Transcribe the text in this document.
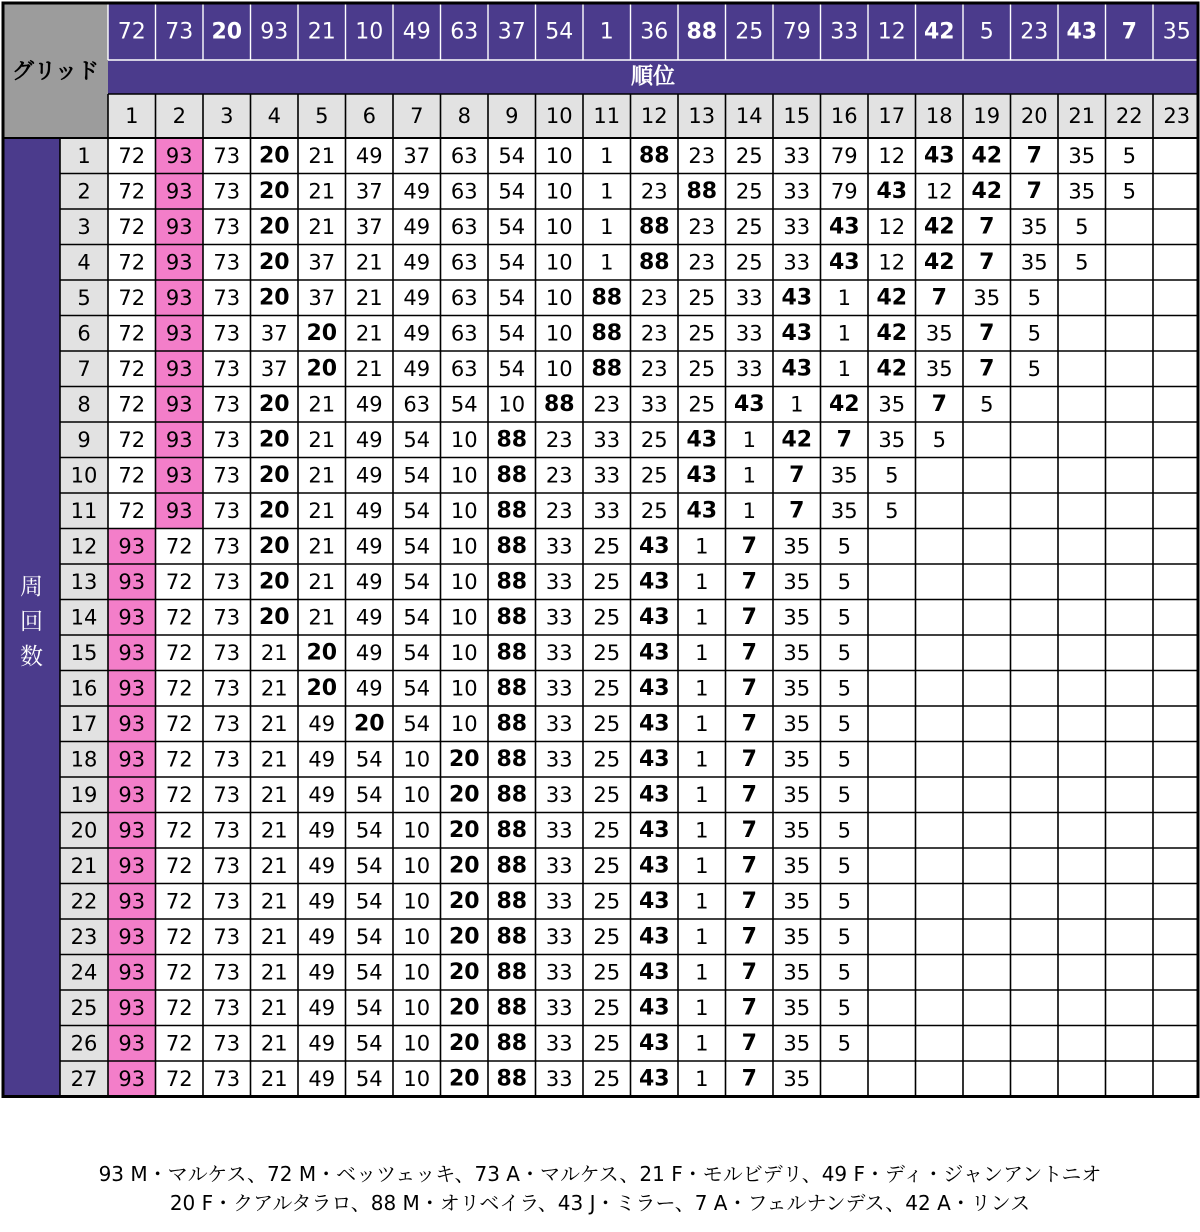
グリッド	順位
72 73 20 93 21 10 49 63 37 54 1 36 88 25 79 33 12 42 5 23 43 7 35
1 2 3 4 5 6 7 8 9 10 11 12 13 14 15 16 17 18 19 20 21 22 23
周
回
数
1
2
3
4
5
6
7
8
9
10
11
12
13
14
15
16
17
18
19
20
21
22
23
24
25
26
27
72 93 73 20 21 49 37 63 54 10 1 88 23 25 33 79 12 43 42 7 35 5
72 93 73 20 21 37 49 63 54 10 1 23 88 25 33 79 43 12 42 7 35 5
72 93 73 20 21 37 49 63 54 10 1 88 23 25 33 43 12 42 7 35 5
72 93 73 20 37 21 49 63 54 10 1 88 23 25 33 43 12 42 7 35 5
72 93 73 20 37 21 49 63 54 10 88 23 25 33 43 1 42 7 35 5
72 93 73 37 20 21 49 63 54 10 88 23 25 33 43 1 42 35 7 5
72 93 73 37 20 21 49 63 54 10 88 23 25 33 43 1 42 35 7 5
72 93 73 20 21 49 63 54 10 88 23 33 25 43 1 42 35 7 5
72 93 73 20 21 49 54 10 88 23 33 25 43 1 42 7 35 5
72 93 73 20 21 49 54 10 88 23 33 25 43 1 7 35 5
72 93 73 20 21 49 54 10 88 23 33 25 43 1 7 35 5
93 72 73 20 21 49 54 10 88 33 25 43 1 7 35 5
93 72 73 20 21 49 54 10 88 33 25 43 1 7 35 5
93 72 73 20 21 49 54 10 88 33 25 43 1 7 35 5
93 72 73 21 20 49 54 10 88 33 25 43 1 7 35 5
93 72 73 21 20 49 54 10 88 33 25 43 1 7 35 5
93 72 73 21 49 20 54 10 88 33 25 43 1 7 35 5
93 72 73 21 49 54 10 20 88 33 25 43 1 7 35 5
93 72 73 21 49 54 10 20 88 33 25 43 1 7 35 5
93 72 73 21 49 54 10 20 88 33 25 43 1 7 35 5
93 72 73 21 49 54 10 20 88 33 25 43 1 7 35 5
93 72 73 21 49 54 10 20 88 33 25 43 1 7 35 5
93 72 73 21 49 54 10 20 88 33 25 43 1 7 35 5
93 72 73 21 49 54 10 20 88 33 25 43 1 7 35 5
93 72 73 21 49 54 10 20 88 33 25 43 1 7 35 5
93 72 73 21 49 54 10 20 88 33 25 43 1 7 35 5
93 72 73 21 49 54 10 20 88 33 25 43 1 7 35
93 M・マルケス、72 M・ベッツェッキ、73 A・マルケス、21 F・モルビデリ、49 F・ディ・ジャンアントニオ
20 F・クアルタラロ、88 M・オリベイラ、43 J・ミラー、7 A・フェルナンデス、42 A・リンス
